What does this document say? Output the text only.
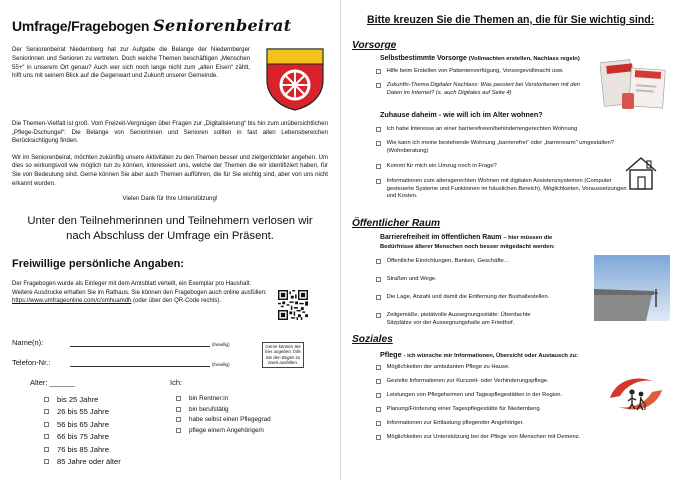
Umfrage/Fragebogen Seniorenbeirat
Der Seniorenbeirat Niedernberg hat zur Aufgabe die Belange der Niedernberger Seniorinnen und Senioren zu vertreten. Doch welche Themen beschäftigen „Menschen 55+“ in unserem Ort genau? Auch wer sich noch lange nicht zum „alten Eisen“ zählt, hilft uns mit seinem Blick auf die Gegenwart und Zukunft unserer Gemeinde.
Die Themen-Vielfalt ist groß. Vom Freizeit-Vergnügen über Fragen zur „Digitalisierung“ bis hin zum unübersichtlichen „Pflege-Dschungel“: Die Belange von Seniorinnen und Senioren sollten in fast allen Lebensbereichen Berücksichtigung finden.
Wir im Seniorenbeirat, möchten zukünftig unsere Aktivitäten zu den Themen besser und zielgerichteter angehen. Um dies so wirkungsvoll wie möglich tun zu können, interessiert uns, welche der Themen die wir identifiziert haben, für Sie von Bedeutung sind. Gerne können Sie aber auch Themen aufführen, die für Sie wichtig sind, aber von uns nicht erkannt wurden.
Vielen Dank für Ihre Unterstützung!
Unter den Teilnehmerinnen und Teilnehmern verlosen wir
nach Abschluss der Umfrage ein Präsent.
Freiwillige persönliche Angaben:
Der Fragebogen wurde als Einleger mit dem Amtsblatt verteilt, ein Exemplar pro Haushalt. Weitere Ausdrucke erhalten Sie im Rathaus. Sie können den Fragebogen auch online ausfüllen: https://www.umfrageonline.com/c/smhuamdh (oder über den QR-Code rechts).
Name(n):	(freiwillig)
Telefon-Nr.:	(freiwillig)
Gerne können Sie hier angeben, falls Sie den Bogen zu zweit ausfüllen.
Alter: ______	Ich:
bis 25 Jahre
26 bis 55 Jahre
56 bis 65 Jahre
66 bis 75 Jahre
76 bis 85 Jahre
85 Jahre oder älter
bin Rentner:in
bin berufstätig
habe selbst einen Pflegegrad
pflege eine/n Angehörige/n
Bitte kreuzen Sie die Themen an, die für Sie wichtig sind:
Vorsorge
Selbstbestimmte Vorsorge (Vollmachten erstellen, Nachlass regeln)
Hilfe beim Erstellen von Patientenverfügung, Vorsorgevollmacht usw.
Zukunfts-Thema Digitaler Nachlass: Was passiert bei Verstorbenen mit den Daten im Internet? (s. auch Digitales auf Seite 4)
Zuhause daheim - wie will ich im Alter wohnen?
Ich habe Interesse an einer barrierefreien/behindertengerechten Wohnung
Wie kann ich meine bestehende Wohnung „barrierefrei“ oder „barrierearm“ umgestalten? (Wohnberatung)
Kommt für mich ein Umzug noch in Frage?
Informationen zum altersgerechten Wohnen mit digitalen Assistenzsystemen (Computer gesteuerte Systeme und Funktionen im häuslichen Bereich), Möglichkeiten, Voraussetzungen und Kosten.
Öffentlicher Raum
Barrierefreiheit im öffentlichen Raum – hier müssen die Bedürfnisse älterer Menschen noch besser mitgedacht werden:
Öffentliche Einrichtungen, Banken, Geschäfte…
Straßen und Wege.
Die Lage, Anzahl und damit die Entfernung der Bushaltestellen.
Zeitgemäße, pietätvolle Aussegnungsstätte: Überdachte Sitzplätze vor der Aussegnungshalle am Friedhof.
Soziales
Pflege - ich wünsche mir Informationen, Übersicht oder Austausch zu:
Möglichkeiten der ambulanten Pflege zu Hause.
Gezielte Informationen zur Kurzzeit- oder Verhinderungspflege.
Leistungen von Pflegeheimen und Tagespflegestätten in der Region.
Planung/Förderung einer Tagespflegestätte für Niedernberg.
Informationen zur Entlastung pflegender Angehöriger.
Möglichkeiten zur Unterstützung bei der Pflege von Menschen mit Demenz.
